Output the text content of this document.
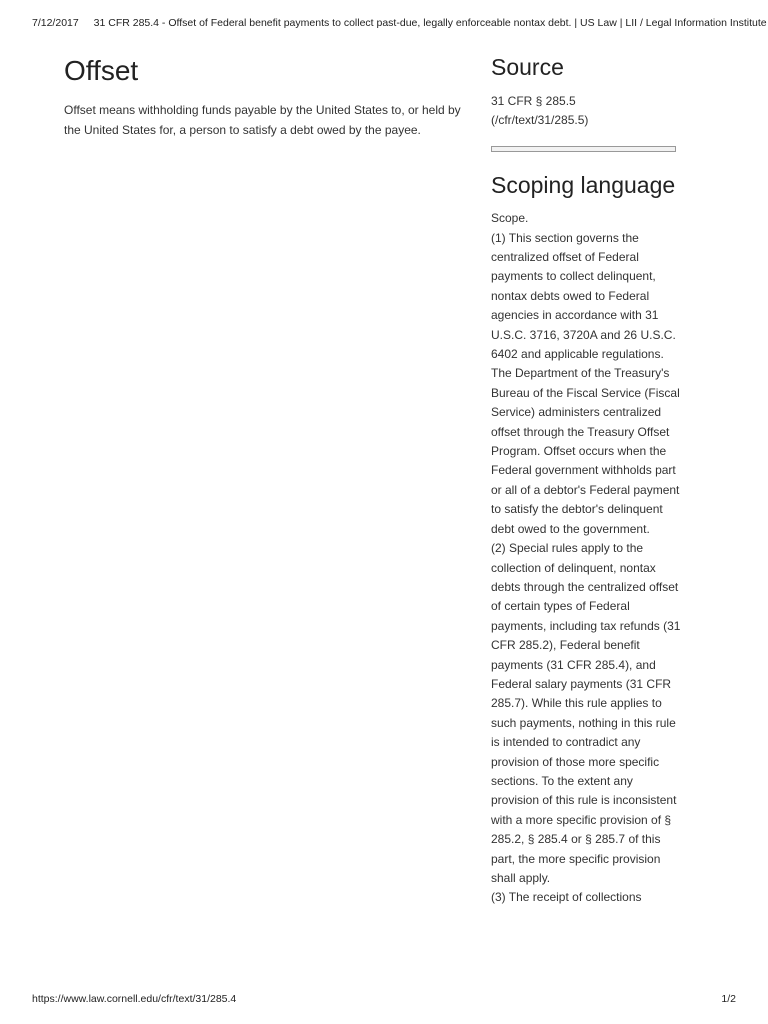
7/12/2017 31 CFR 285.4 - Offset of Federal benefit payments to collect past-due, legally enforceable nontax debt. | US Law | LII / Legal Information Institute
Offset

Offset means withholding funds payable by the United States to, or held by the United States for, a person to satisfy a debt owed by the payee.

Source

31 CFR § 285.5
(/cfr/text/31/285.5)

Scoping language

Scope.

(1) This section governs the centralized offset of Federal payments to collect delinquent, nontax debts owed to Federal agencies in accordance with 31 U.S.C. 3716, 3720A and 26 U.S.C. 6402 and applicable regulations. The Department of the Treasury's Bureau of the Fiscal Service (Fiscal Service) administers centralized offset through the Treasury Offset Program. Offset occurs when the Federal government withholds part or all of a debtor's Federal payment to satisfy the debtor's delinquent debt owed to the government.

(2) Special rules apply to the collection of delinquent, nontax debts through the centralized offset of certain types of Federal payments, including tax refunds (31 CFR 285.2), Federal benefit payments (31 CFR 285.4), and Federal salary payments (31 CFR 285.7). While this rule applies to such payments, nothing in this rule is intended to contradict any provision of those more specific sections. To the extent any provision of this rule is inconsistent with a more specific provision of § 285.2, § 285.4 or § 285.7 of this part, the more specific provision shall apply.

(3) The receipt of collections

https://www.law.cornell.edu/cfr/text/31/285.4	1/2
